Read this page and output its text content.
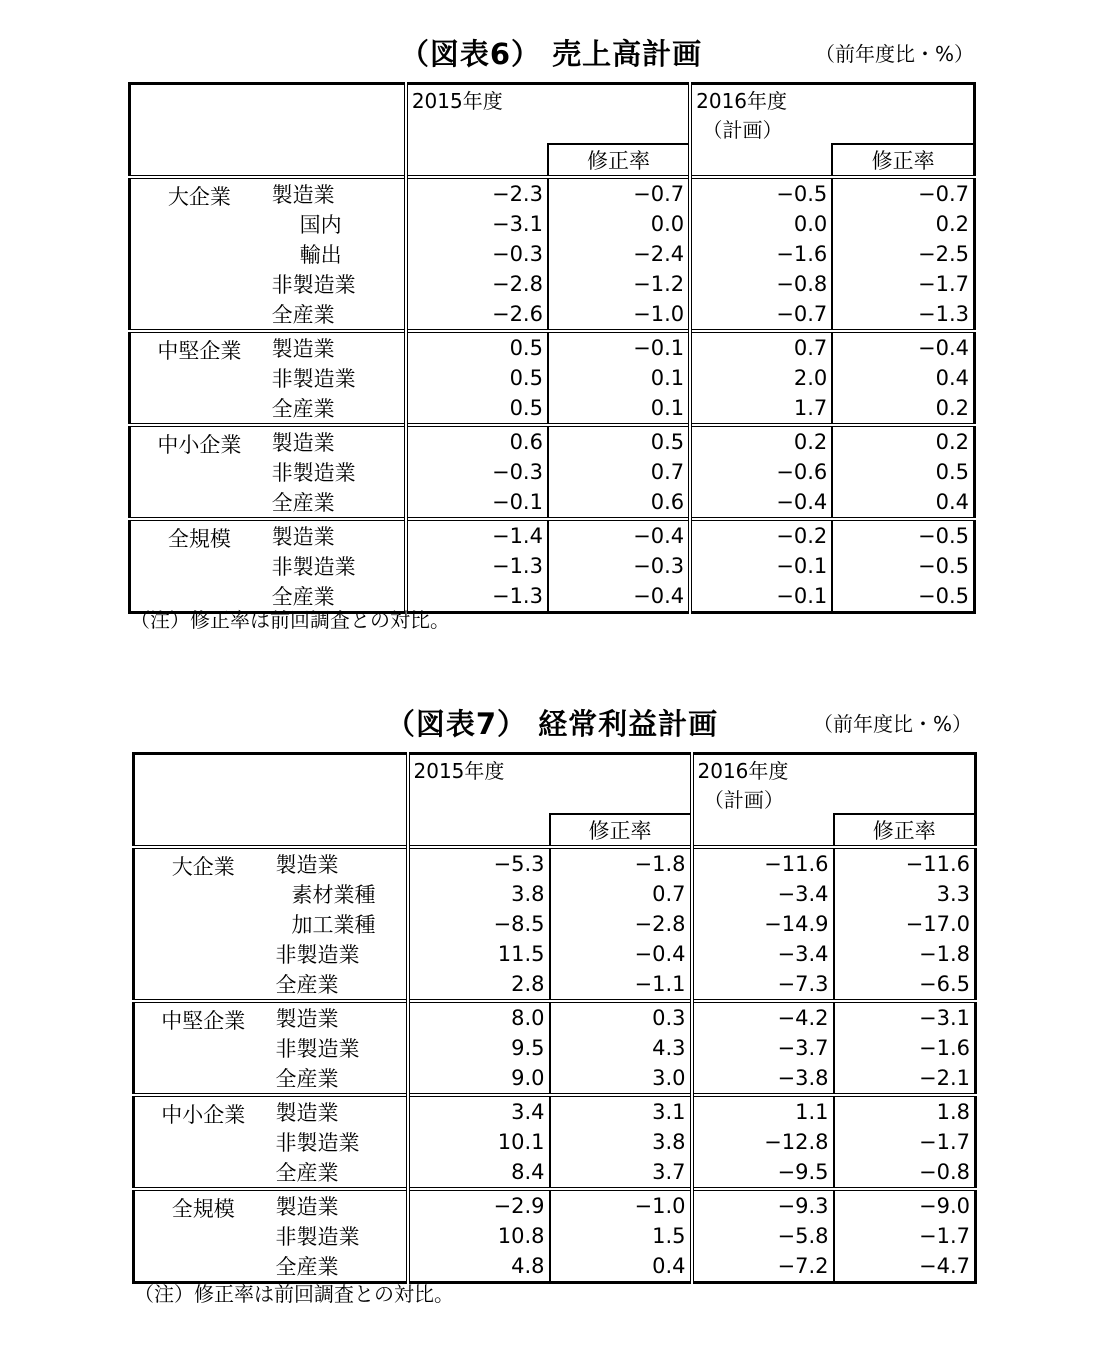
（図表6） 売上高計画	（前年度比・%）
		2015年度		2016年度
（計画）	
			修正率		修正率
大企業	製造業	−2.3	−0.7	−0.5	−0.7
	国内	−3.1	0.0	0.0	0.2
	輸出	−0.3	−2.4	−1.6	−2.5
	非製造業	−2.8	−1.2	−0.8	−1.7
	全産業	−2.6	−1.0	−0.7	−1.3
中堅企業	製造業	0.5	−0.1	0.7	−0.4
	非製造業	0.5	0.1	2.0	0.4
	全産業	0.5	0.1	1.7	0.2
中小企業	製造業	0.6	0.5	0.2	0.2
	非製造業	−0.3	0.7	−0.6	0.5
	全産業	−0.1	0.6	−0.4	0.4
全規模	製造業	−1.4	−0.4	−0.2	−0.5
	非製造業	−1.3	−0.3	−0.1	−0.5
	全産業	−1.3	−0.4	−0.1	−0.5
（注）修正率は前回調査との対比。
（図表7） 経常利益計画	（前年度比・%）
		2015年度		2016年度
（計画）	
			修正率		修正率
大企業	製造業	−5.3	−1.8	−11.6	−11.6
	素材業種	3.8	0.7	−3.4	3.3
	加工業種	−8.5	−2.8	−14.9	−17.0
	非製造業	11.5	−0.4	−3.4	−1.8
	全産業	2.8	−1.1	−7.3	−6.5
中堅企業	製造業	8.0	0.3	−4.2	−3.1
	非製造業	9.5	4.3	−3.7	−1.6
	全産業	9.0	3.0	−3.8	−2.1
中小企業	製造業	3.4	3.1	1.1	1.8
	非製造業	10.1	3.8	−12.8	−1.7
	全産業	8.4	3.7	−9.5	−0.8
全規模	製造業	−2.9	−1.0	−9.3	−9.0
	非製造業	10.8	1.5	−5.8	−1.7
	全産業	4.8	0.4	−7.2	−4.7
（注）修正率は前回調査との対比。
